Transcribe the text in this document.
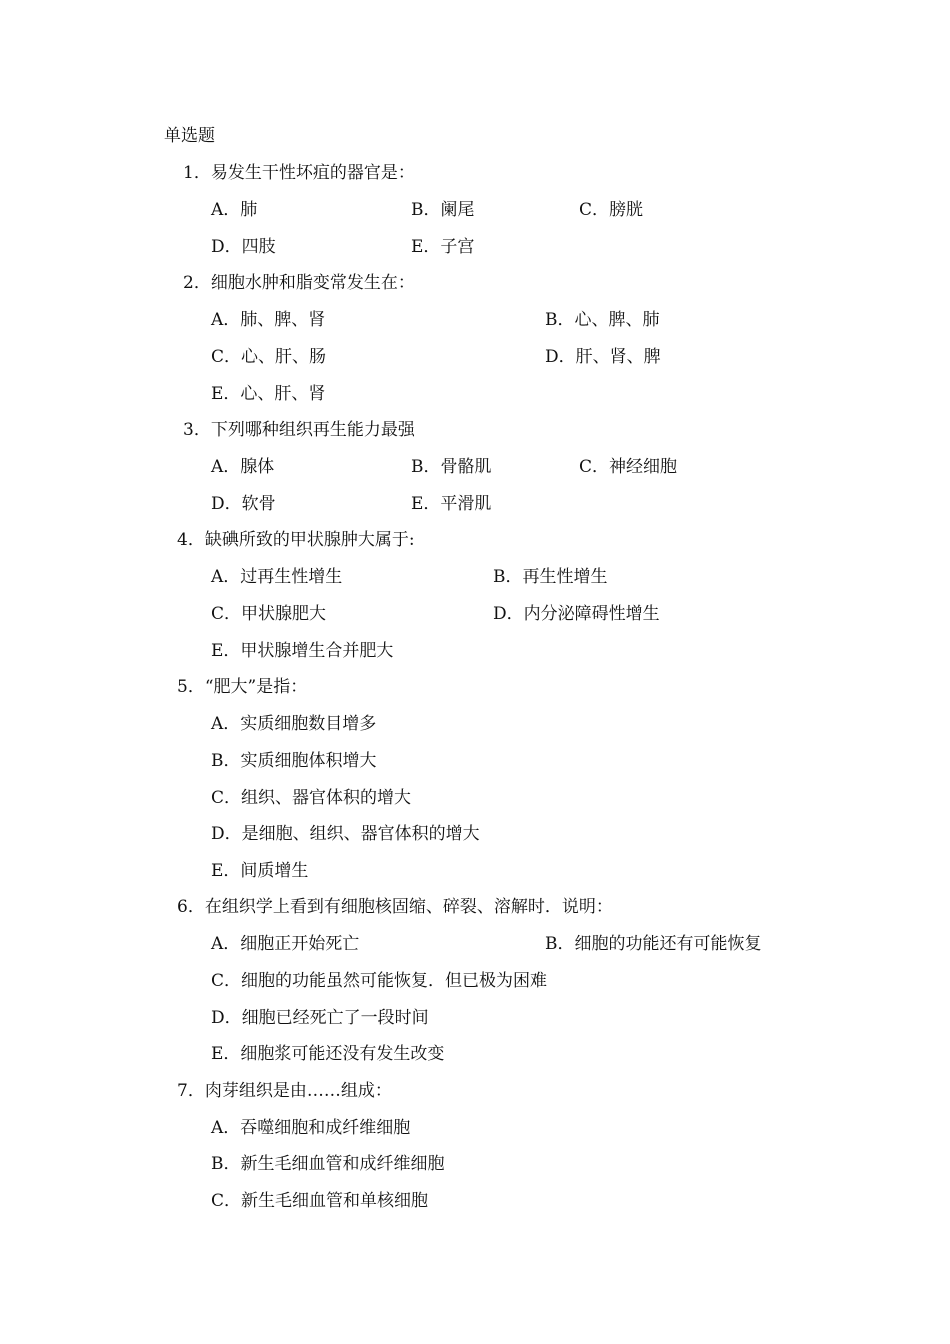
单选题
1．易发生干性坏疽的器官是：
A．肺	B．阑尾	C．膀胱
D．四肢	E．子宫
2．细胞水肿和脂变常发生在：
A．肺、脾、肾	B．心、脾、肺
C．心、肝、肠	D．肝、肾、脾
E．心、肝、肾
3．下列哪种组织再生能力最强
A．腺体	B．骨骼肌	C．神经细胞
D．软骨	E．平滑肌
4．缺碘所致的甲状腺肿大属于:
A．过再生性增生	B．再生性增生
C．甲状腺肥大	D．内分泌障碍性增生
E．甲状腺增生合并肥大
5．“肥大”是指：
A．实质细胞数目增多
B．实质细胞体积增大
C．组织、器官体积的增大
D．是细胞、组织、器官体积的增大
E．间质增生
6．在组织学上看到有细胞核固缩、碎裂、溶解时．说明：
A．细胞正开始死亡	B．细胞的功能还有可能恢复
C．细胞的功能虽然可能恢复．但已极为困难
D．细胞已经死亡了一段时间
E．细胞浆可能还没有发生改变
7．肉芽组织是由……组成：
A．吞噬细胞和成纤维细胞
B．新生毛细血管和成纤维细胞
C．新生毛细血管和单核细胞
